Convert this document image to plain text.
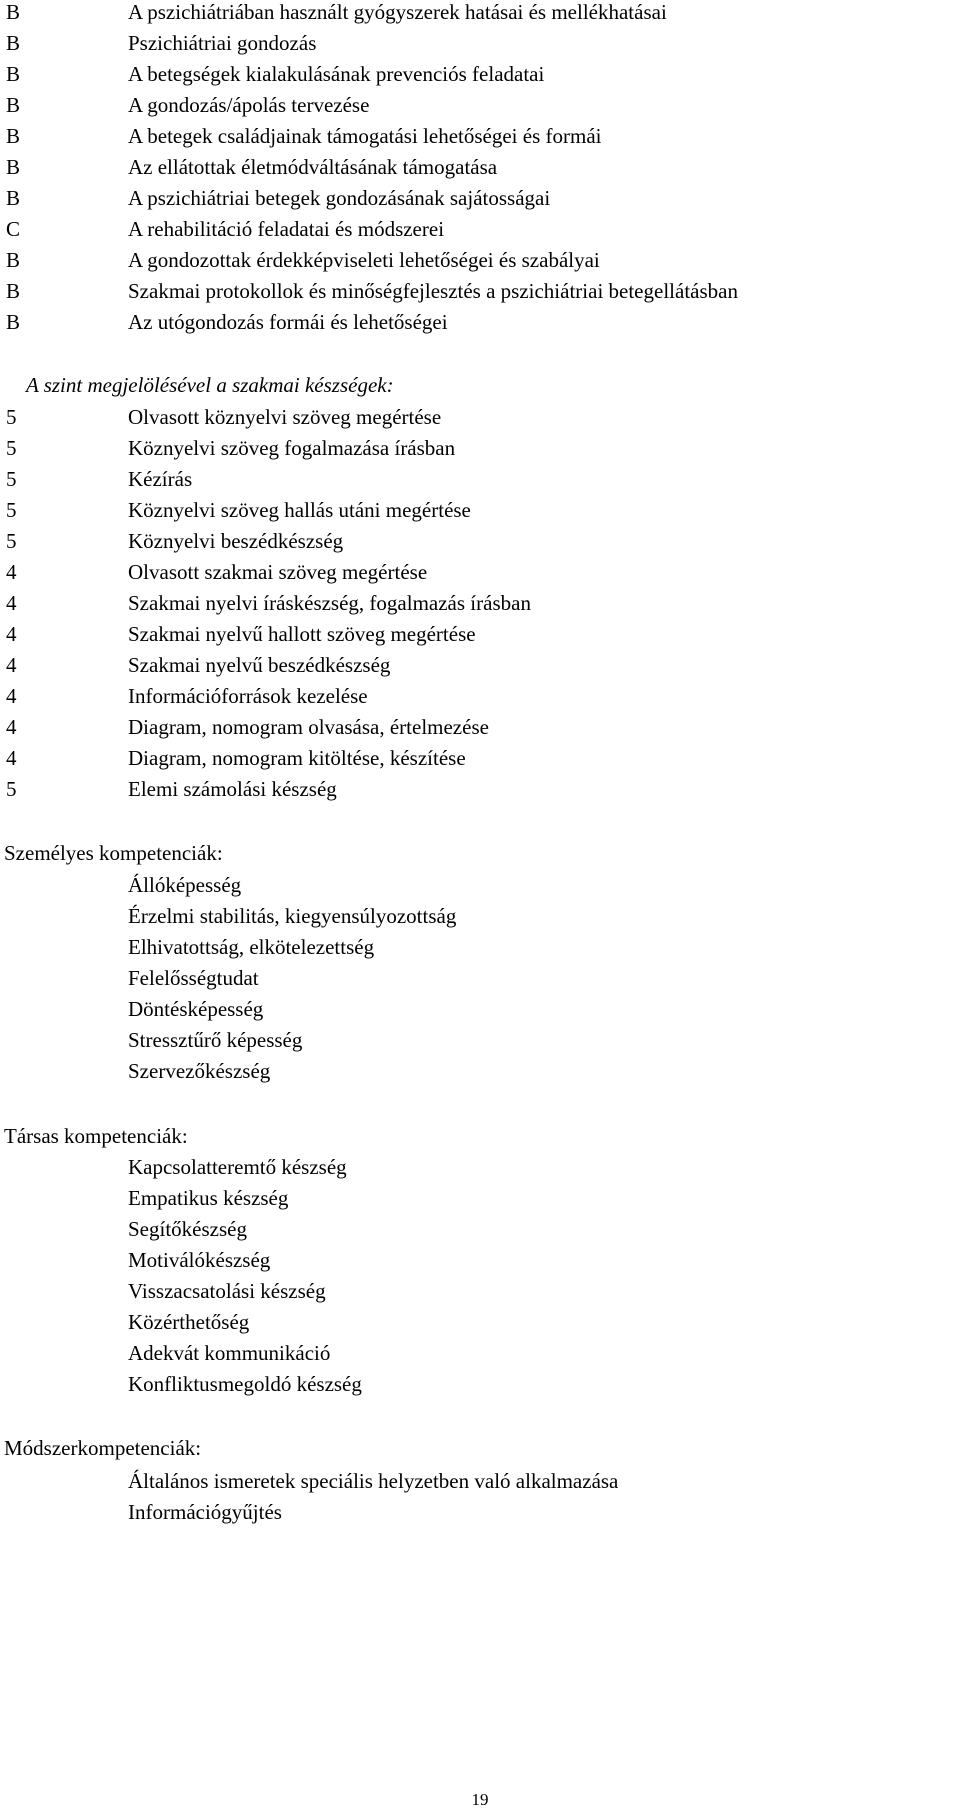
B	A pszichiátriában használt gyógyszerek hatásai és mellékhatásai
B	Pszichiátriai gondozás
B	A betegségek kialakulásának prevenciós feladatai
B	A gondozás/ápolás tervezése
B	A betegek családjainak támogatási lehetőségei és formái
B	Az ellátottak életmódváltásának támogatása
B	A pszichiátriai betegek gondozásának sajátosságai
C	A rehabilitáció feladatai és módszerei
B	A gondozottak érdekképviseleti lehetőségei és szabályai
B	Szakmai protokollok és minőségfejlesztés a pszichiátriai betegellátásban
B	Az utógondozás formái és lehetőségei
A szint megjelölésével a szakmai készségek:
5	Olvasott köznyelvi szöveg megértése
5	Köznyelvi szöveg fogalmazása írásban
5	Kézírás
5	Köznyelvi szöveg hallás utáni megértése
5	Köznyelvi beszédkészség
4	Olvasott szakmai szöveg megértése
4	Szakmai nyelvi íráskészség, fogalmazás írásban
4	Szakmai nyelvű hallott szöveg megértése
4	Szakmai nyelvű beszédkészség
4	Információforrások kezelése
4	Diagram, nomogram olvasása, értelmezése
4	Diagram, nomogram kitöltése, készítése
5	Elemi számolási készség
Személyes kompetenciák:
Állóképesség
Érzelmi stabilitás, kiegyensúlyozottság
Elhivatottság, elkötelezettség
Felelősségtudat
Döntésképesség
Stressztűrő képesség
Szervezőkészség
Társas kompetenciák:
Kapcsolatteremtő készség
Empatikus készség
Segítőkészség
Motiválókészség
Visszacsatolási készség
Közérthetőség
Adekvát kommunikáció
Konfliktusmegoldó készség
Módszerkompetenciák:
Általános ismeretek speciális helyzetben való alkalmazása
Információgyűjtés
19
